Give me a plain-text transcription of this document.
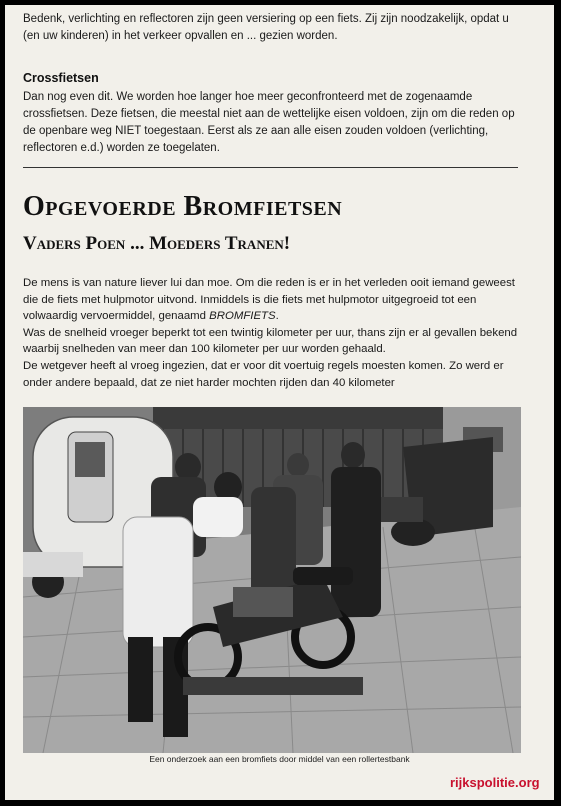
Bedenk, verlichting en reflectoren zijn geen versiering op een fiets. Zij zijn noodzakelijk, opdat u (en uw kinderen) in het verkeer opvallen en ... gezien worden.

Crossfietsen

Dan nog even dit. We worden hoe langer hoe meer geconfronteerd met de zogenaamde crossfietsen. Deze fietsen, die meestal niet aan de wettelijke eisen voldoen, zijn om die reden op de openbare weg NIET toegestaan. Eerst als ze aan alle eisen zouden voldoen (verlichting, reflectoren e.d.) worden ze toegelaten.

Opgevoerde Bromfietsen
Vaders Poen ... Moeders Tranen!

De mens is van nature liever lui dan moe. Om die reden is er in het verleden ooit iemand geweest die de fiets met hulpmotor uitvond. Inmiddels is die fiets met hulpmotor uitgegroeid tot een volwaardig vervoermiddel, genaamd BROMFIETS.

Was de snelheid vroeger beperkt tot een twintig kilometer per uur, thans zijn er al gevallen bekend waarbij snelheden van meer dan 100 kilometer per uur worden gehaald.

De wetgever heeft al vroeg ingezien, dat er voor dit voertuig regels moesten komen. Zo werd er onder andere bepaald, dat ze niet harder mochten rijden dan 40 kilometer

Een onderzoek aan een bromfiets door middel van een rollertestbank

rijkspolitie.org
